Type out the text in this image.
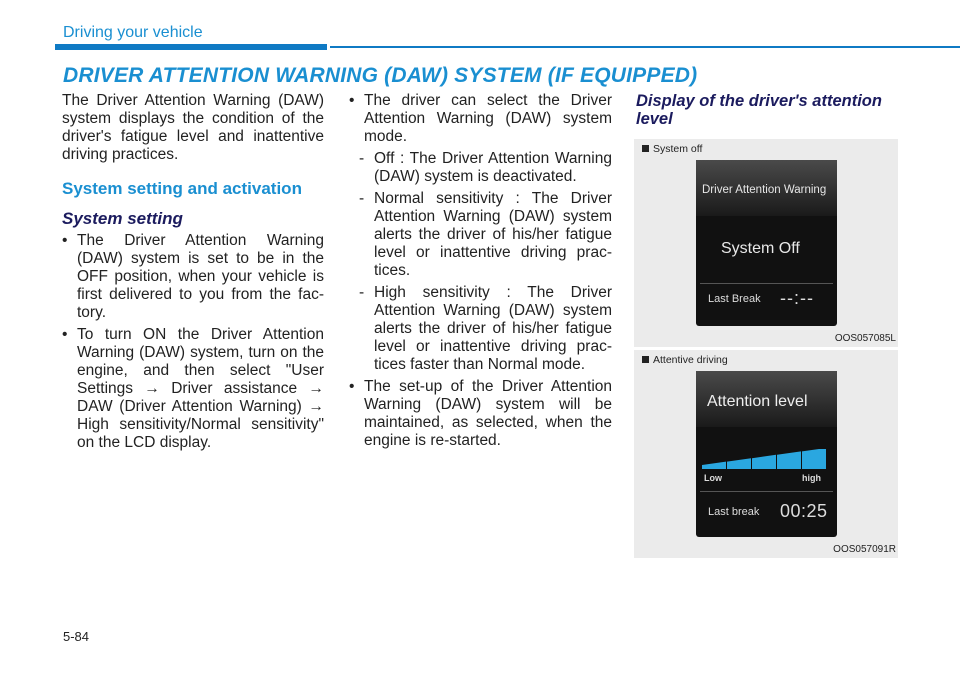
Driving your vehicle
DRIVER ATTENTION WARNING (DAW) SYSTEM (IF EQUIPPED)

The Driver Attention Warning (DAW) system displays the condition of the driver's fatigue level and inattentive driving practices.

System setting and activation

System setting

• The Driver Attention Warning (DAW) system is set to be in the OFF position, when your vehicle is first delivered to you from the factory.

• To turn ON the Driver Attention Warning (DAW) system, turn on the engine, and then select "User Settings → Driver assistance → DAW (Driver Attention Warning) → High sensitivity/Normal sensitivity" on the LCD display.

• The driver can select the Driver Attention Warning (DAW) system mode.

- Off : The Driver Attention Warning (DAW) system is deactivated.

- Normal sensitivity : The Driver Attention Warning (DAW) system alerts the driver of his/her fatigue level or inattentive driving practices.

- High sensitivity : The Driver Attention Warning (DAW) system alerts the driver of his/her fatigue level or inattentive driving practices faster than Normal mode.

• The set-up of the Driver Attention Warning (DAW) system will be maintained, as selected, when the engine is re-started.

Display of the driver's attention level
System off
Driver Attention Warning
System Off
Last Break --:--
OOS057085L
Attentive driving
Attention level
Low	high
Last break 00:25
OOS057091R
5-84
